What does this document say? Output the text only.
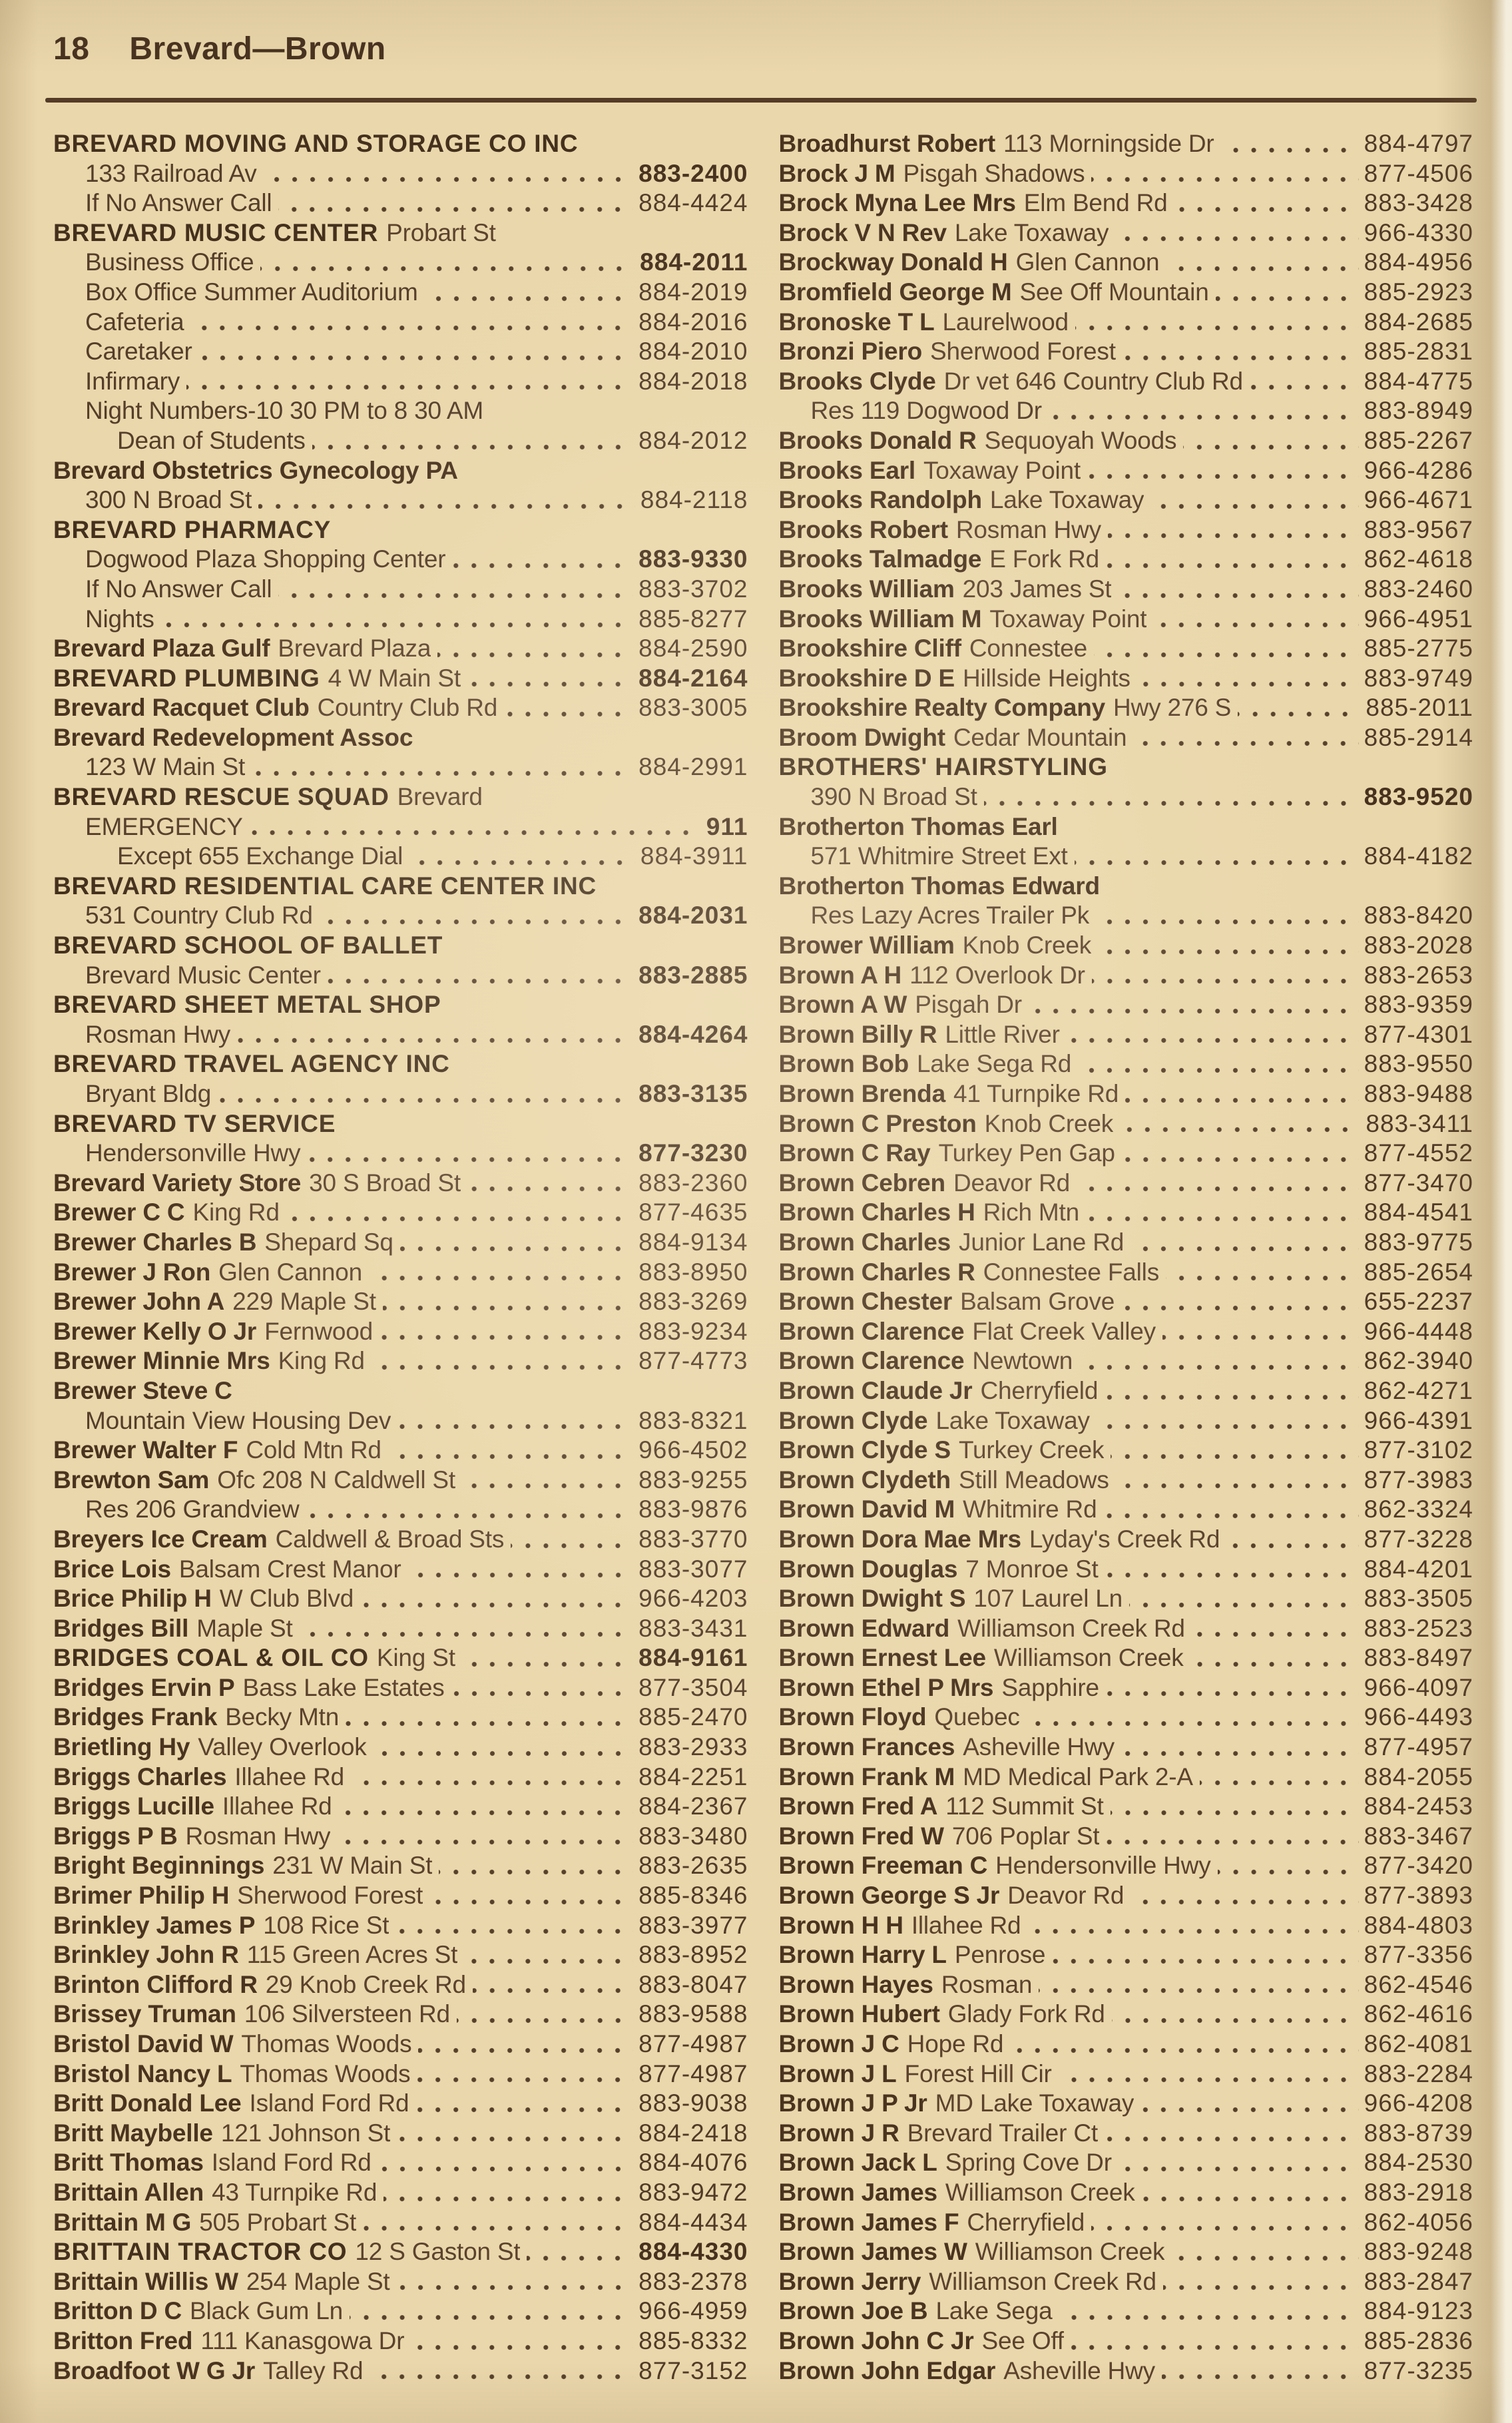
18 Brevard—Brown
BREVARD MOVING AND STORAGE CO INC
133 Railroad Av	883-2400
If No Answer Call	884-4424
BREVARD MUSIC CENTER Probart St
Business Office	884-2011
Box Office Summer Auditorium	884-2019
Cafeteria	884-2016
Caretaker	884-2010
Infirmary	884-2018
Night Numbers-10 30 PM to 8 30 AM
Dean of Students	884-2012
Brevard Obstetrics Gynecology PA
300 N Broad St	884-2118
BREVARD PHARMACY
Dogwood Plaza Shopping Center	883-9330
If No Answer Call	883-3702
Nights	885-8277
Brevard Plaza Gulf Brevard Plaza	884-2590
BREVARD PLUMBING 4 W Main St	884-2164
Brevard Racquet Club Country Club Rd	883-3005
Brevard Redevelopment Assoc
123 W Main St	884-2991
BREVARD RESCUE SQUAD Brevard
EMERGENCY	911
Except 655 Exchange Dial	884-3911
BREVARD RESIDENTIAL CARE CENTER INC
531 Country Club Rd	884-2031
BREVARD SCHOOL OF BALLET
Brevard Music Center	883-2885
BREVARD SHEET METAL SHOP
Rosman Hwy	884-4264
BREVARD TRAVEL AGENCY INC
Bryant Bldg	883-3135
BREVARD TV SERVICE
Hendersonville Hwy	877-3230
Brevard Variety Store 30 S Broad St	883-2360
Brewer C C King Rd	877-4635
Brewer Charles B Shepard Sq	884-9134
Brewer J Ron Glen Cannon	883-8950
Brewer John A 229 Maple St	883-3269
Brewer Kelly O Jr Fernwood	883-9234
Brewer Minnie Mrs King Rd	877-4773
Brewer Steve C
Mountain View Housing Dev	883-8321
Brewer Walter F Cold Mtn Rd	966-4502
Brewton Sam Ofc 208 N Caldwell St	883-9255
Res 206 Grandview	883-9876
Breyers Ice Cream Caldwell & Broad Sts	883-3770
Brice Lois Balsam Crest Manor	883-3077
Brice Philip H W Club Blvd	966-4203
Bridges Bill Maple St	883-3431
BRIDGES COAL & OIL CO King St	884-9161
Bridges Ervin P Bass Lake Estates	877-3504
Bridges Frank Becky Mtn	885-2470
Brietling Hy Valley Overlook	883-2933
Briggs Charles Illahee Rd	884-2251
Briggs Lucille Illahee Rd	884-2367
Briggs P B Rosman Hwy	883-3480
Bright Beginnings 231 W Main St	883-2635
Brimer Philip H Sherwood Forest	885-8346
Brinkley James P 108 Rice St	883-3977
Brinkley John R 115 Green Acres St	883-8952
Brinton Clifford R 29 Knob Creek Rd	883-8047
Brissey Truman 106 Silversteen Rd	883-9588
Bristol David W Thomas Woods	877-4987
Bristol Nancy L Thomas Woods	877-4987
Britt Donald Lee Island Ford Rd	883-9038
Britt Maybelle 121 Johnson St	884-2418
Britt Thomas Island Ford Rd	884-4076
Brittain Allen 43 Turnpike Rd	883-9472
Brittain M G 505 Probart St	884-4434
BRITTAIN TRACTOR CO 12 S Gaston St	884-4330
Brittain Willis W 254 Maple St	883-2378
Britton D C Black Gum Ln	966-4959
Britton Fred 111 Kanasgowa Dr	885-8332
Broadfoot W G Jr Talley Rd	877-3152
Broadhurst Robert 113 Morningside Dr	884-4797
Brock J M Pisgah Shadows	877-4506
Brock Myna Lee Mrs Elm Bend Rd	883-3428
Brock V N Rev Lake Toxaway	966-4330
Brockway Donald H Glen Cannon	884-4956
Bromfield George M See Off Mountain	885-2923
Bronoske T L Laurelwood	884-2685
Bronzi Piero Sherwood Forest	885-2831
Brooks Clyde Dr vet 646 Country Club Rd	884-4775
Res 119 Dogwood Dr	883-8949
Brooks Donald R Sequoyah Woods	885-2267
Brooks Earl Toxaway Point	966-4286
Brooks Randolph Lake Toxaway	966-4671
Brooks Robert Rosman Hwy	883-9567
Brooks Talmadge E Fork Rd	862-4618
Brooks William 203 James St	883-2460
Brooks William M Toxaway Point	966-4951
Brookshire Cliff Connestee	885-2775
Brookshire D E Hillside Heights	883-9749
Brookshire Realty Company Hwy 276 S	885-2011
Broom Dwight Cedar Mountain	885-2914
BROTHERS' HAIRSTYLING
390 N Broad St	883-9520
Brotherton Thomas Earl
571 Whitmire Street Ext	884-4182
Brotherton Thomas Edward
Res Lazy Acres Trailer Pk	883-8420
Brower William Knob Creek	883-2028
Brown A H 112 Overlook Dr	883-2653
Brown A W Pisgah Dr	883-9359
Brown Billy R Little River	877-4301
Brown Bob Lake Sega Rd	883-9550
Brown Brenda 41 Turnpike Rd	883-9488
Brown C Preston Knob Creek	883-3411
Brown C Ray Turkey Pen Gap	877-4552
Brown Cebren Deavor Rd	877-3470
Brown Charles H Rich Mtn	884-4541
Brown Charles Junior Lane Rd	883-9775
Brown Charles R Connestee Falls	885-2654
Brown Chester Balsam Grove	655-2237
Brown Clarence Flat Creek Valley	966-4448
Brown Clarence Newtown	862-3940
Brown Claude Jr Cherryfield	862-4271
Brown Clyde Lake Toxaway	966-4391
Brown Clyde S Turkey Creek	877-3102
Brown Clydeth Still Meadows	877-3983
Brown David M Whitmire Rd	862-3324
Brown Dora Mae Mrs Lyday's Creek Rd	877-3228
Brown Douglas 7 Monroe St	884-4201
Brown Dwight S 107 Laurel Ln	883-3505
Brown Edward Williamson Creek Rd	883-2523
Brown Ernest Lee Williamson Creek	883-8497
Brown Ethel P Mrs Sapphire	966-4097
Brown Floyd Quebec	966-4493
Brown Frances Asheville Hwy	877-4957
Brown Frank M MD Medical Park 2-A	884-2055
Brown Fred A 112 Summit St	884-2453
Brown Fred W 706 Poplar St	883-3467
Brown Freeman C Hendersonville Hwy	877-3420
Brown George S Jr Deavor Rd	877-3893
Brown H H Illahee Rd	884-4803
Brown Harry L Penrose	877-3356
Brown Hayes Rosman	862-4546
Brown Hubert Glady Fork Rd	862-4616
Brown J C Hope Rd	862-4081
Brown J L Forest Hill Cir	883-2284
Brown J P Jr MD Lake Toxaway	966-4208
Brown J R Brevard Trailer Ct	883-8739
Brown Jack L Spring Cove Dr	884-2530
Brown James Williamson Creek	883-2918
Brown James F Cherryfield	862-4056
Brown James W Williamson Creek	883-9248
Brown Jerry Williamson Creek Rd	883-2847
Brown Joe B Lake Sega	884-9123
Brown John C Jr See Off	885-2836
Brown John Edgar Asheville Hwy	877-3235
